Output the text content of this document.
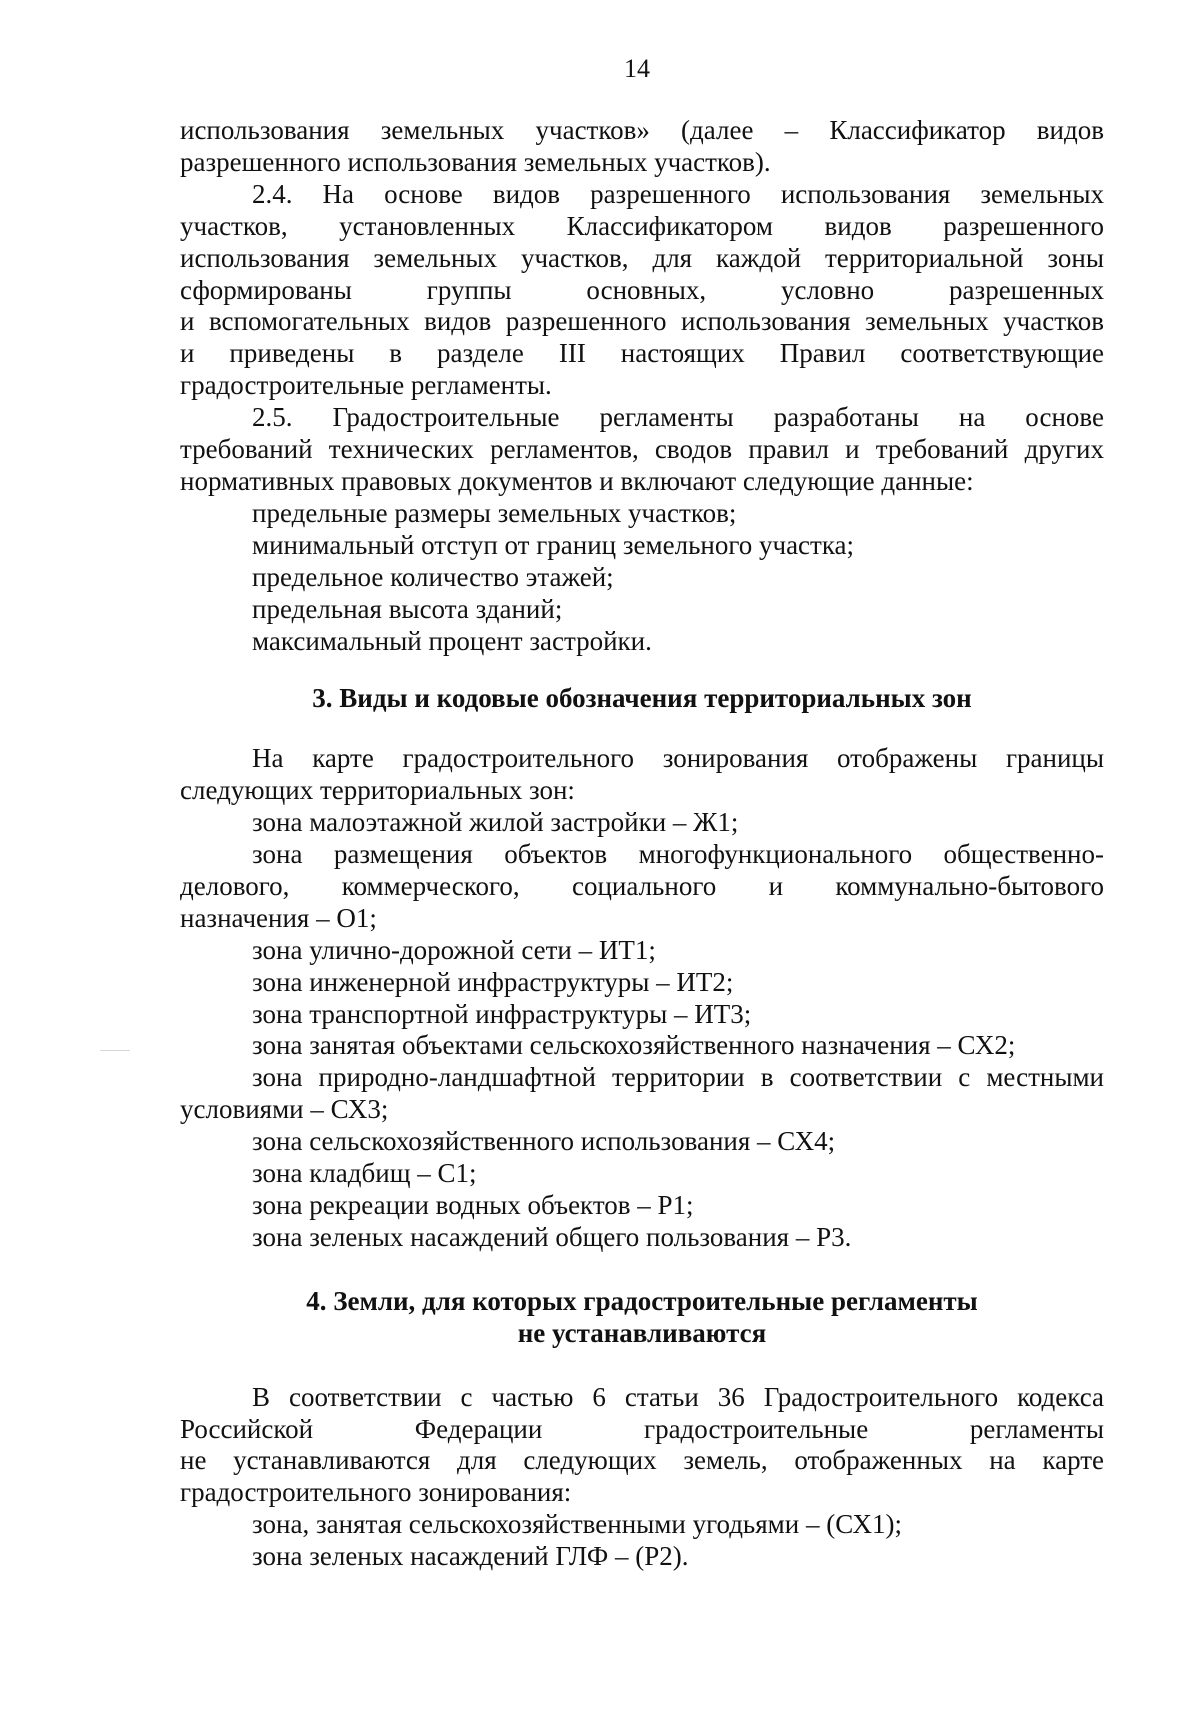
14

использования земельных участков» (далее – Классификатор видов

разрешенного использования земельных участков).

2.4. На основе видов разрешенного использования земельных

участков, установленных Классификатором видов разрешенного

использования земельных участков, для каждой территориальной зоны

сформированы группы основных, условно разрешенных

и вспомогательных видов разрешенного использования земельных участков

и приведены в разделе III настоящих Правил соответствующие

градостроительные регламенты.

2.5. Градостроительные регламенты разработаны на основе

требований технических регламентов, сводов правил и требований других

нормативных правовых документов и включают следующие данные:

предельные размеры земельных участков;

минимальный отступ от границ земельного участка;

предельное количество этажей;

предельная высота зданий;

максимальный процент застройки.

3. Виды и кодовые обозначения территориальных зон

На карте градостроительного зонирования отображены границы

следующих территориальных зон:

зона малоэтажной жилой застройки – Ж1;

зона размещения объектов многофункционального общественно-

делового, коммерческого, социального и коммунально-бытового

назначения – О1;

зона улично-дорожной сети – ИТ1;

зона инженерной инфраструктуры – ИТ2;

зона транспортной инфраструктуры – ИТ3;

зона занятая объектами сельскохозяйственного назначения – СХ2;

зона природно-ландшафтной территории в соответствии с местными

условиями – СХ3;

зона сельскохозяйственного использования – СХ4;

зона кладбищ – С1;

зона рекреации водных объектов – Р1;

зона зеленых насаждений общего пользования – Р3.

4. Земли, для которых градостроительные регламенты

не устанавливаются

В соответствии с частью 6 статьи 36 Градостроительного кодекса

Российской Федерации градостроительные регламенты

не устанавливаются для следующих земель, отображенных на карте

градостроительного зонирования:

зона, занятая сельскохозяйственными угодьями – (СХ1);

зона зеленых насаждений ГЛФ – (Р2).
